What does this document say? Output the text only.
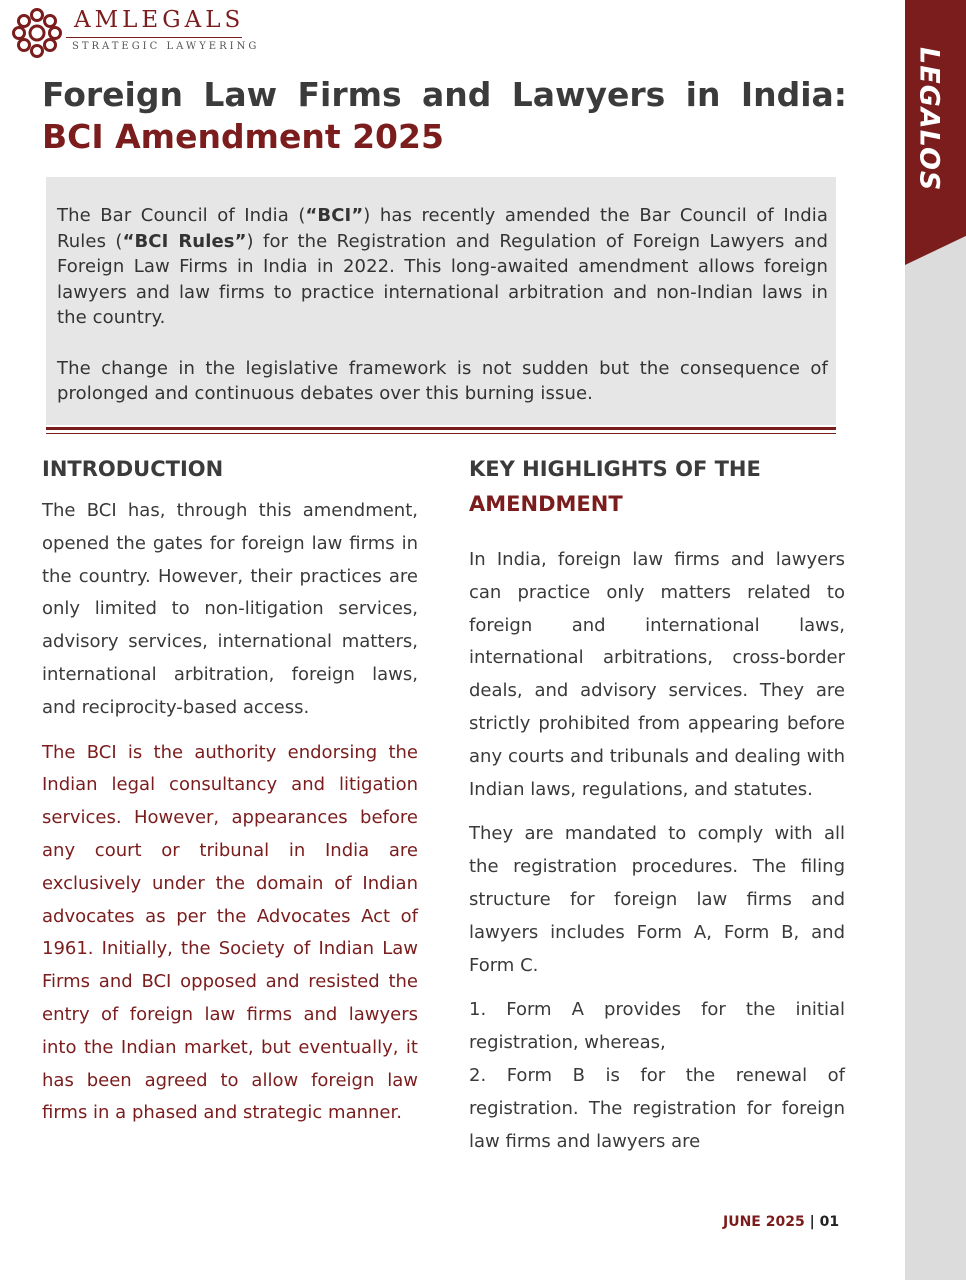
LEGALOS
AMLEGALS
STRATEGIC LAWYERING
Foreign Law Firms and Lawyers in India: BCI Amendment 2025

The Bar Council of India (“BCI”) has recently amended the Bar Council of India Rules (“BCI Rules”) for the Registration and Regulation of Foreign Lawyers and Foreign Law Firms in India in 2022. This long-awaited amendment allows foreign lawyers and law firms to practice international arbitration and non-Indian laws in the country.

The change in the legislative framework is not sudden but the consequence of prolonged and continuous debates over this burning issue.

INTRODUCTION

The BCI has, through this amendment, opened the gates for foreign law firms in the country. However, their practices are only limited to non-litigation services, advisory services, international matters, international arbitration, foreign laws, and reciprocity-based access.

The BCI is the authority endorsing the Indian legal consultancy and litigation services. However, appearances before any court or tribunal in India are exclusively under the domain of Indian advocates as per the Advocates Act of 1961. Initially, the Society of Indian Law Firms and BCI opposed and resisted the entry of foreign law firms and lawyers into the Indian market, but eventually, it has been agreed to allow foreign law firms in a phased and strategic manner.

KEY HIGHLIGHTS OF THE
AMENDMENT

In India, foreign law firms and lawyers can practice only matters related to foreign and international laws, international arbitrations, cross-border deals, and advisory services. They are strictly prohibited from appearing before any courts and tribunals and dealing with Indian laws, regulations, and statutes.

They are mandated to comply with all the registration procedures. The filing structure for foreign law firms and lawyers includes Form A, Form B, and Form C.

1. Form A provides for the initial registration, whereas,

2. Form B is for the renewal of registration. The registration for foreign law firms and lawyers are

JUNE 2025 | 01
